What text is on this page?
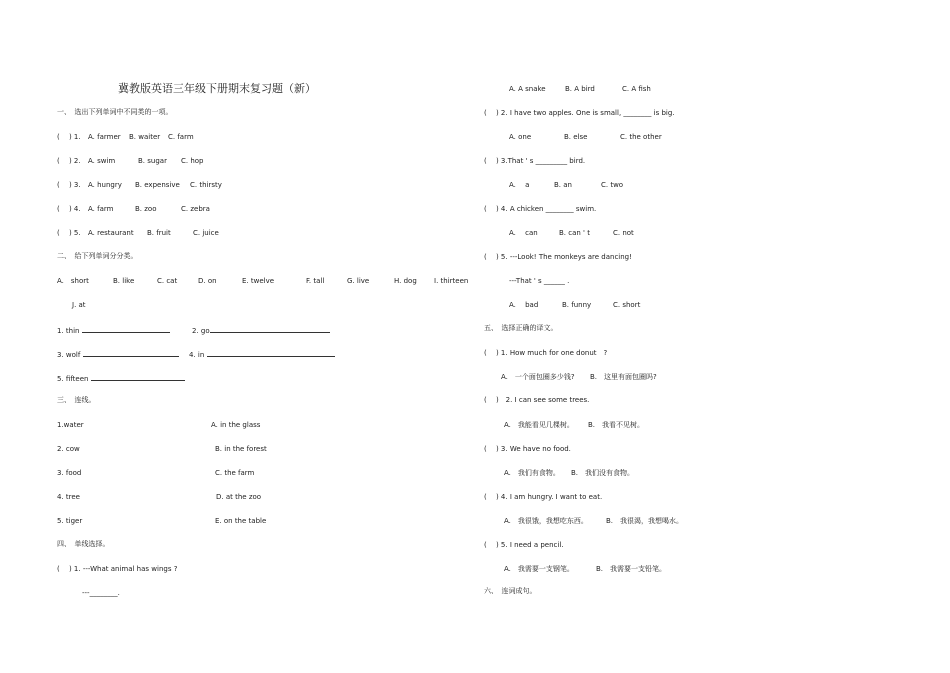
冀教版英语三年级下册期末复习题（新）
一、　选出下列单词中不同类的一项。
(　 ) 1. A. farmer B. waiter C. farm
(　 ) 2. A. swim	B. sugar C. hop
(　 ) 3. A. hungry B. expensive C. thirsty
(　 ) 4. A. farm	B. zoo	C. zebra
(　 ) 5. A. restaurant B. fruit	C. juice
二、　给下列单词分分类。
A.　short	B. like	C. cat	D. on	E. twelve	F. tall	G. live	H. dog I. thirteen
J. at
1. thin	2. go
3. wolf	4. in
5. fifteen
三、　连线。
1.water	A. in the glass
2. cow	B. in the forest
3. food	C. the farm
4. tree	D. at the zoo
5. tiger	E. on the table
四、　单线选择。
(　 ) 1. ---What animal has wings ?
---________.
A. A snake	B. A bird	C. A fish
(　 ) 2. I have two apples. One is small, ________ is big.
A. one	B. else	C. the other
(　 ) 3.That ' s _________ bird.
A.　 a	B. an	C. two
(　 ) 4. A chicken ________ swim.
A.　 can	B. can ' t	C. not
(　 ) 5. ---Look! The monkeys are dancing!
---That ' s ______ .
A.　 bad	B. funny	C. short
五、　选择正确的译文。
(　 ) 1. How much for one donut　?
A.　一个面包圈多少钱? B.　这里有面包圈吗?
(　 )　2. I can see some trees.
A.　我能看见几棵树。 B.　我看不见树。
(　 ) 3. We have no food.
A.　我们有食物。 B.　我们没有食物。
(　 ) 4. I am hungry. I want to eat.
A.　我很饿，我想吃东西。	B.　我很渴，我想喝水。
(　 ) 5. I need a pencil.
A.　我需要一支钢笔。	B.　我需要一支铅笔。
六、　连词成句。
